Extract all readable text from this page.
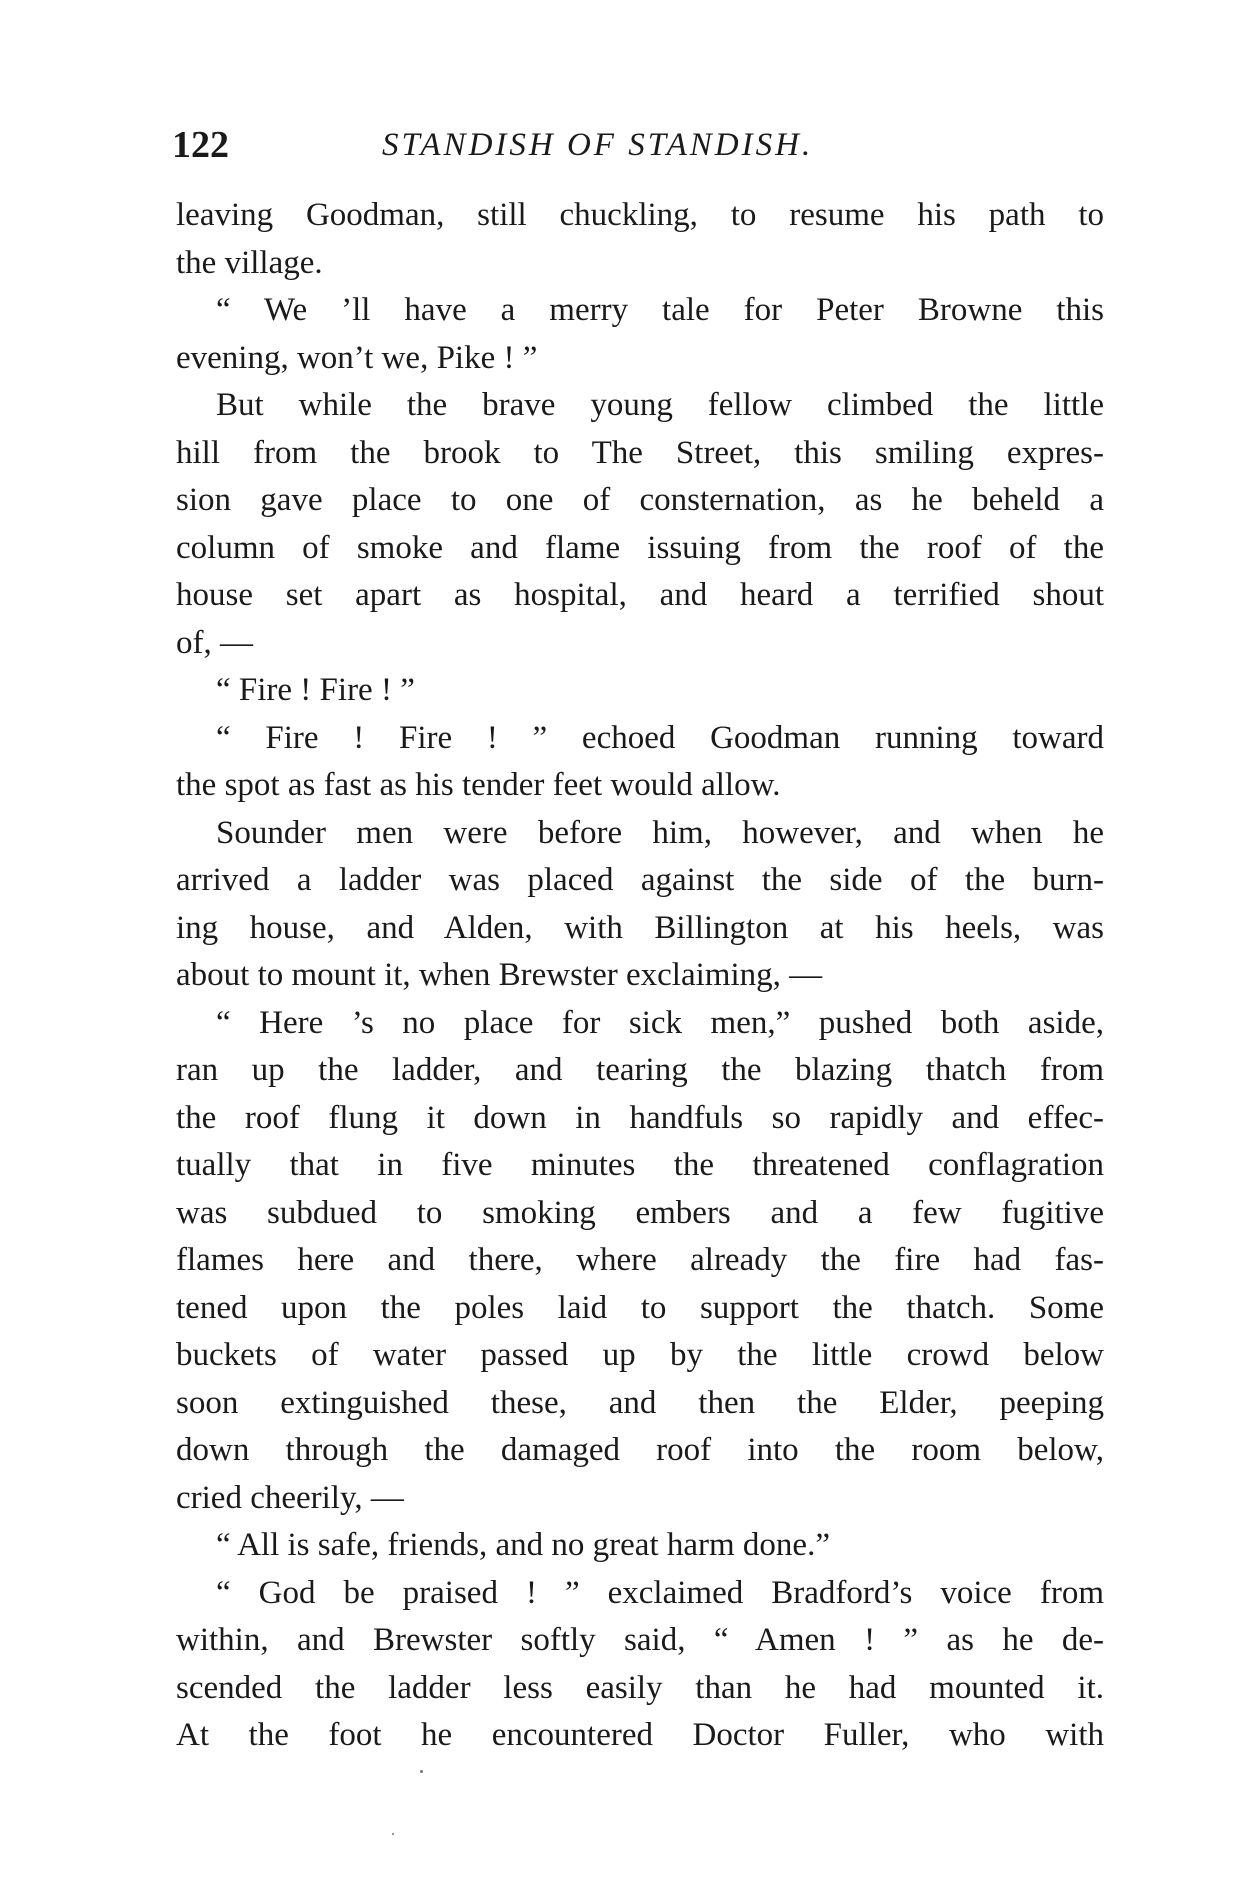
122	STANDISH OF STANDISH.
leaving Goodman, still chuckling, to resume his path to
the village.
“ We ’ll have a merry tale for Peter Browne this
evening, won’t we, Pike ! ”
But while the brave young fellow climbed the little
hill from the brook to The Street, this smiling expres-
sion gave place to one of consternation, as he beheld a
column of smoke and flame issuing from the roof of the
house set apart as hospital, and heard a terrified shout
of, —
“ Fire ! Fire ! ”
“ Fire ! Fire ! ” echoed Goodman running toward
the spot as fast as his tender feet would allow.
Sounder men were before him, however, and when he
arrived a ladder was placed against the side of the burn-
ing house, and Alden, with Billington at his heels, was
about to mount it, when Brewster exclaiming, —
“ Here ’s no place for sick men,” pushed both aside,
ran up the ladder, and tearing the blazing thatch from
the roof flung it down in handfuls so rapidly and effec-
tually that in five minutes the threatened conflagration
was subdued to smoking embers and a few fugitive
flames here and there, where already the fire had fas-
tened upon the poles laid to support the thatch. Some
buckets of water passed up by the little crowd below
soon extinguished these, and then the Elder, peeping
down through the damaged roof into the room below,
cried cheerily, —
“ All is safe, friends, and no great harm done.”
“ God be praised ! ” exclaimed Bradford’s voice from
within, and Brewster softly said, “ Amen ! ” as he de-
scended the ladder less easily than he had mounted it.
At the foot he encountered Doctor Fuller, who with
